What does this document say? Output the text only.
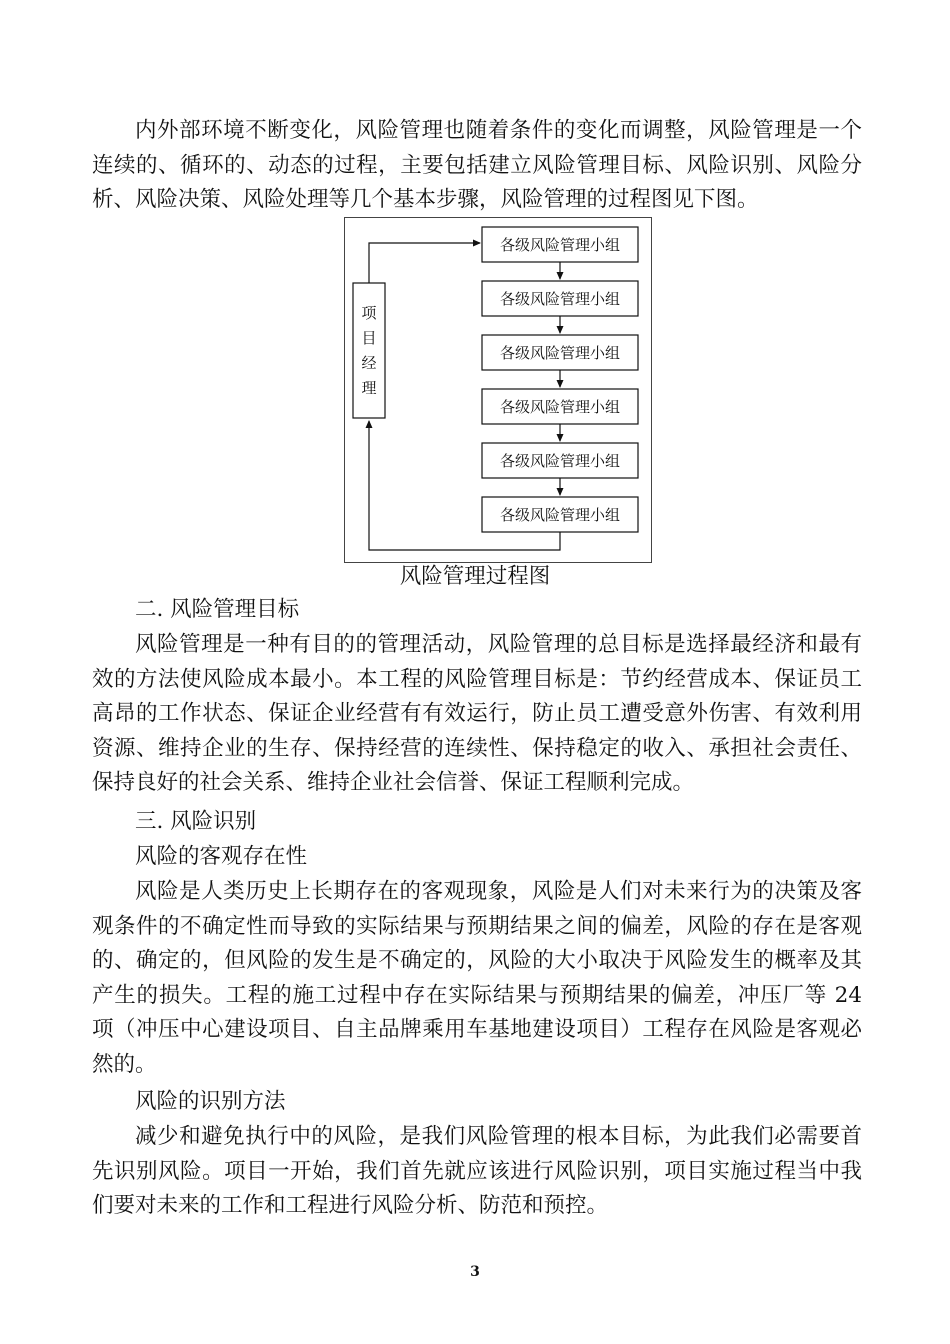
内外部环境不断变化，风险管理也随着条件的变化而调整，风险管理是一个连续的、循环的、动态的过程，主要包括建立风险管理目标、风险识别、风险分析、风险决策、风险处理等几个基本步骤，风险管理的过程图见下图。

项
目
经
理
各级风险管理小组
各级风险管理小组
各级风险管理小组
各级风险管理小组
各级风险管理小组
各级风险管理小组
风险管理过程图

二. 风险管理目标

风险管理是一种有目的的管理活动，风险管理的总目标是选择最经济和最有效的方法使风险成本最小。本工程的风险管理目标是：节约经营成本、保证员工高昂的工作状态、保证企业经营有有效运行，防止员工遭受意外伤害、有效利用资源、维持企业的生存、保持经营的连续性、保持稳定的收入、承担社会责任、保持良好的社会关系、维持企业社会信誉、保证工程顺利完成。

三. 风险识别

风险的客观存在性

风险是人类历史上长期存在的客观现象，风险是人们对未来行为的决策及客观条件的不确定性而导致的实际结果与预期结果之间的偏差，风险的存在是客观的、确定的，但风险的发生是不确定的，风险的大小取决于风险发生的概率及其产生的损失。工程的施工过程中存在实际结果与预期结果的偏差，冲压厂等 24 项（冲压中心建设项目、自主品牌乘用车基地建设项目）工程存在风险是客观必然的。

风险的识别方法

减少和避免执行中的风险，是我们风险管理的根本目标，为此我们必需要首先识别风险。项目一开始，我们首先就应该进行风险识别，项目实施过程当中我们要对未来的工作和工程进行风险分析、防范和预控。

3
